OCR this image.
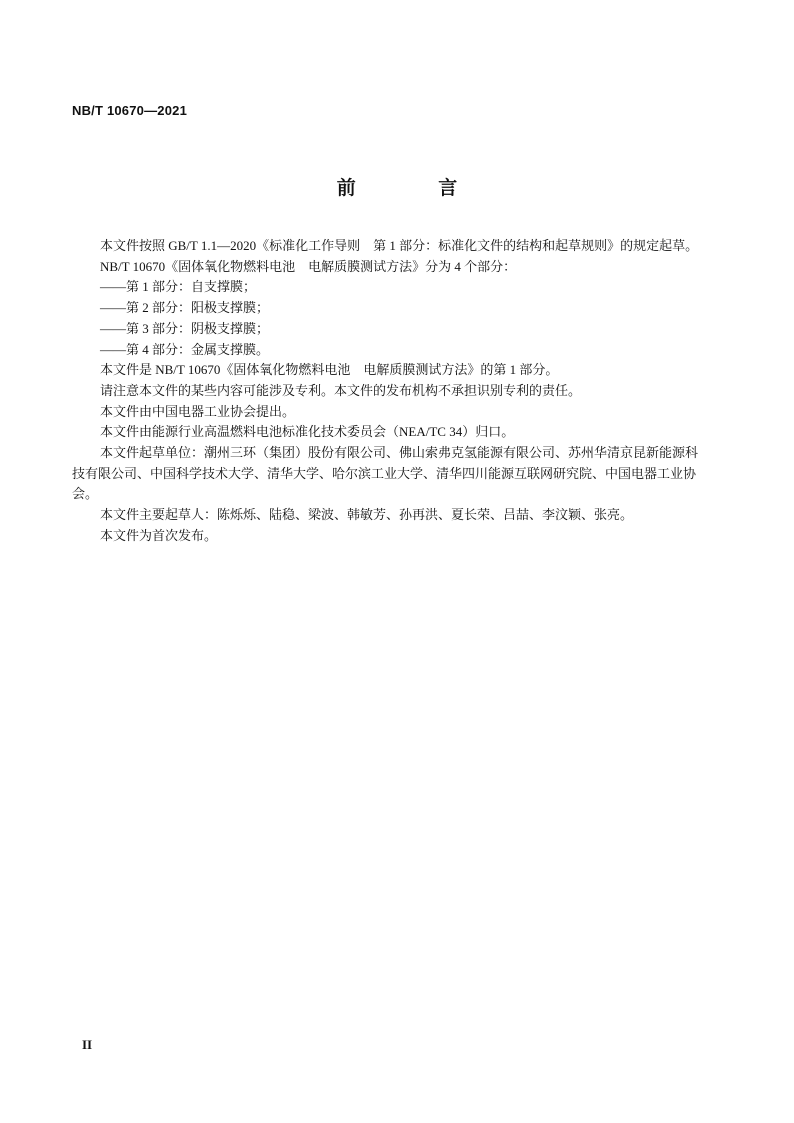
NB/T 10670—2021
前 言

本文件按照 GB/T 1.1—2020《标准化工作导则　第 1 部分：标准化文件的结构和起草规则》的规定起草。

NB/T 10670《固体氧化物燃料电池　电解质膜测试方法》分为 4 个部分：

——第 1 部分：自支撑膜；

——第 2 部分：阳极支撑膜；

——第 3 部分：阴极支撑膜；

——第 4 部分：金属支撑膜。

本文件是 NB/T 10670《固体氧化物燃料电池　电解质膜测试方法》的第 1 部分。

请注意本文件的某些内容可能涉及专利。本文件的发布机构不承担识别专利的责任。

本文件由中国电器工业协会提出。

本文件由能源行业高温燃料电池标准化技术委员会（NEA/TC 34）归口。

本文件起草单位：潮州三环（集团）股份有限公司、佛山索弗克氢能源有限公司、苏州华清京昆新能源科技有限公司、中国科学技术大学、清华大学、哈尔滨工业大学、清华四川能源互联网研究院、中国电器工业协会。

本文件主要起草人：陈烁烁、陆稳、梁波、韩敏芳、孙再洪、夏长荣、吕喆、李汶颖、张亮。

本文件为首次发布。

II
